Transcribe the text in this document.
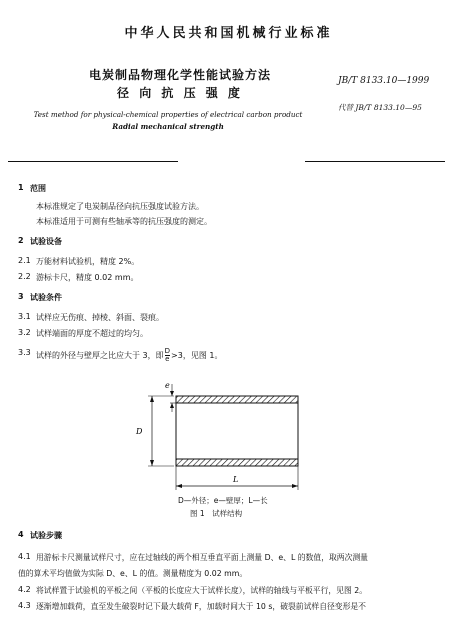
中华人民共和国机械行业标准
电炭制品物理化学性能试验方法
径 向 抗 压 强 度
JB/T 8133.10—1999
代替 JB/T 8133.10—95
Test method for physical-chemical properties of electrical carbon product
Radial mechanical strength
1 范围
本标准规定了电炭制品径向抗压强度试验方法。
本标准适用于可测有些轴承等的抗压强度的测定。
2 试验设备
2.1 万能材料试验机，精度 2%。
2.2 游标卡尺，精度 0.02 mm。
3 试验条件
3.1 试样应无伤痕、掉棱、斜面、裂痕。
3.2 试样端面的厚度不超过的均匀。
3.3 试样的外径与壁厚之比应大于 3，即 $\frac{D}{e} >3$，见图 1。
e
D
L
D—外径；e—壁厚；L—长
图 1　试样结构
4 试验步骤
4.1 用游标卡尺测量试样尺寸，应在过轴线的两个相互垂直平面上测量 D、e、L 的数值，取两次测量
值的算术平均值做为实际 D、e、L 的值。测量精度为 0.02 mm。
4.2 将试样置于试验机的平板之间（平板的长度应大于试样长度），试样的轴线与平板平行，见图 2。
4.3 逐渐增加载荷，直至发生破裂时记下最大载荷 F，加载时间大于 10 s，破裂前试样自径变形是不
